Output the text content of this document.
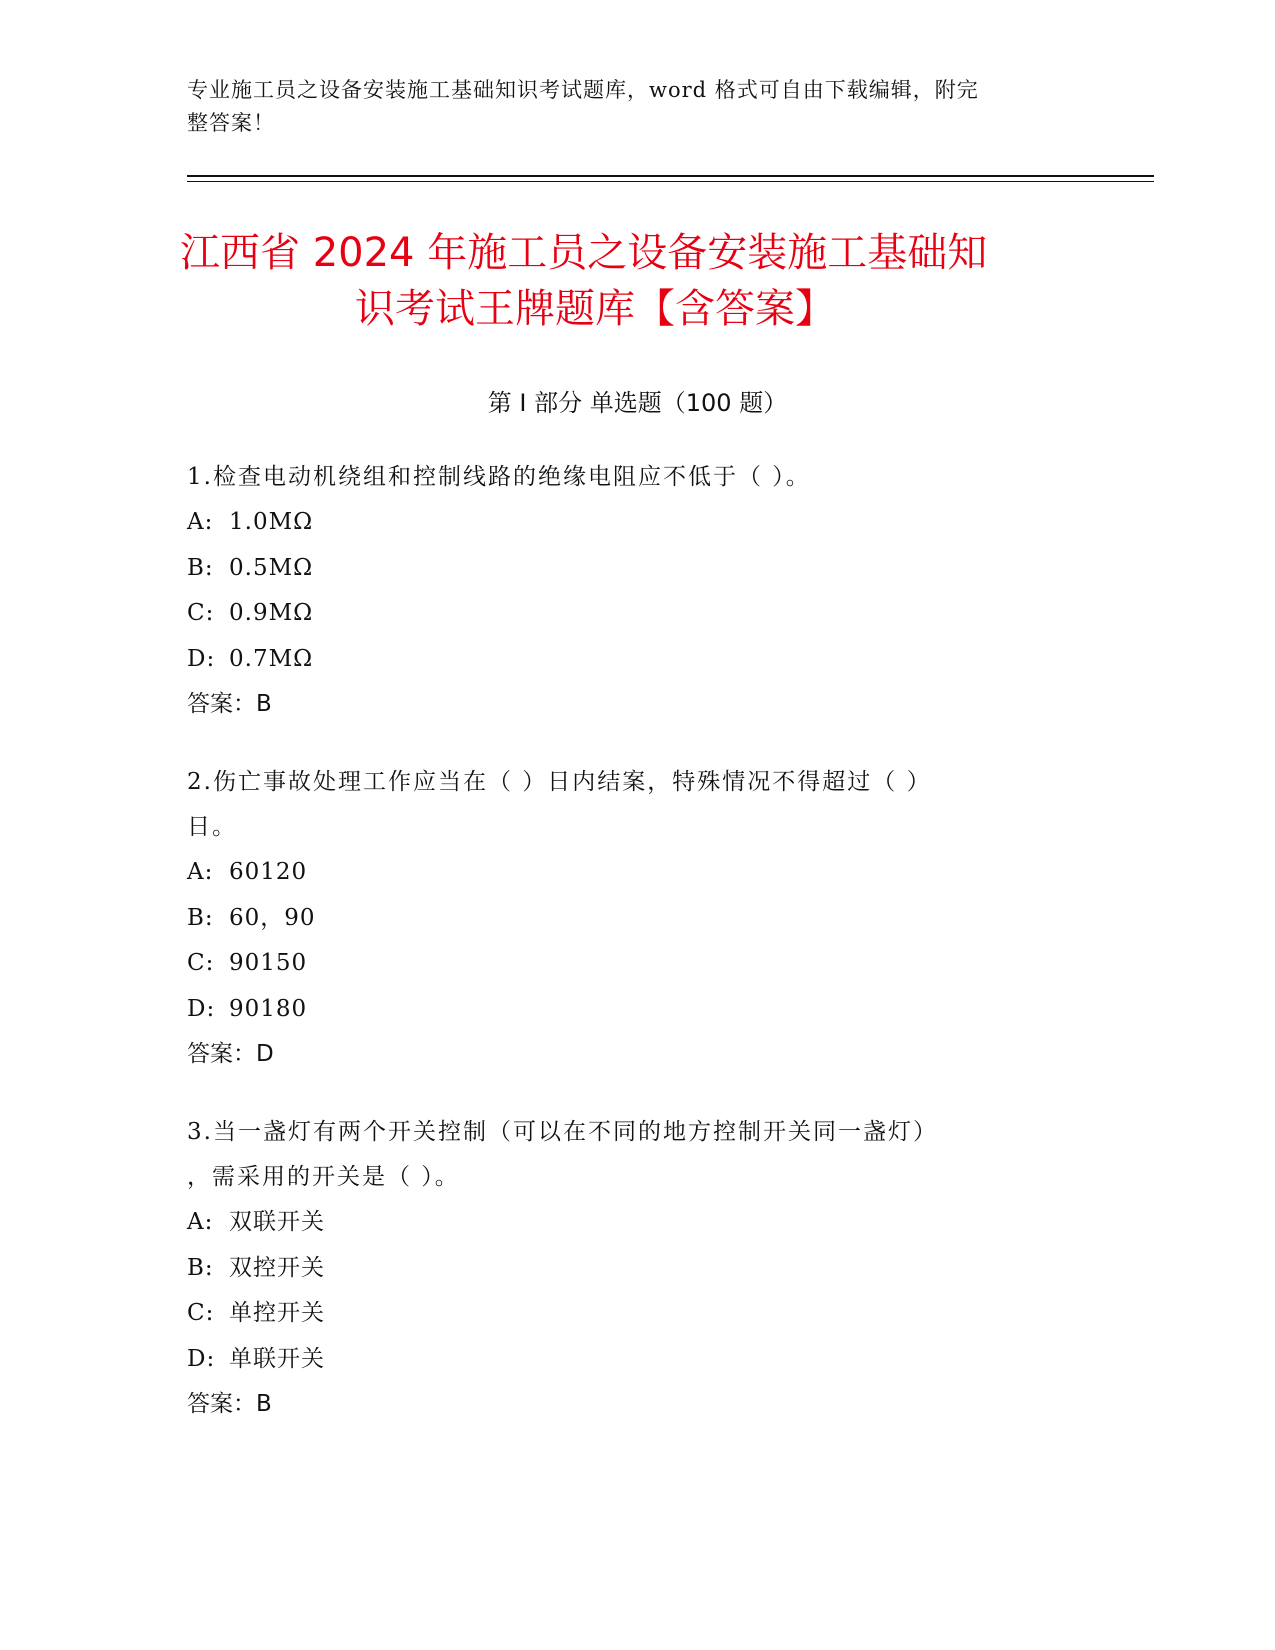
专业施工员之设备安装施工基础知识考试题库，word 格式可自由下载编辑，附完
整答案！
江西省 2024 年施工员之设备安装施工基础知
识考试王牌题库【含答案】
第 I 部分 单选题（100 题）
1.检查电动机绕组和控制线路的绝缘电阻应不低于（ ）。
A: 1.0MΩ
B: 0.5MΩ
C: 0.9MΩ
D: 0.7MΩ
答案：B
2.伤亡事故处理工作应当在（ ）日内结案，特殊情况不得超过（ ）
日。
A: 60120
B: 60，90
C: 90150
D: 90180
答案：D
3.当一盏灯有两个开关控制（可以在不同的地方控制开关同一盏灯）
，需采用的开关是（ ）。
A: 双联开关
B: 双控开关
C: 单控开关
D: 单联开关
答案：B
